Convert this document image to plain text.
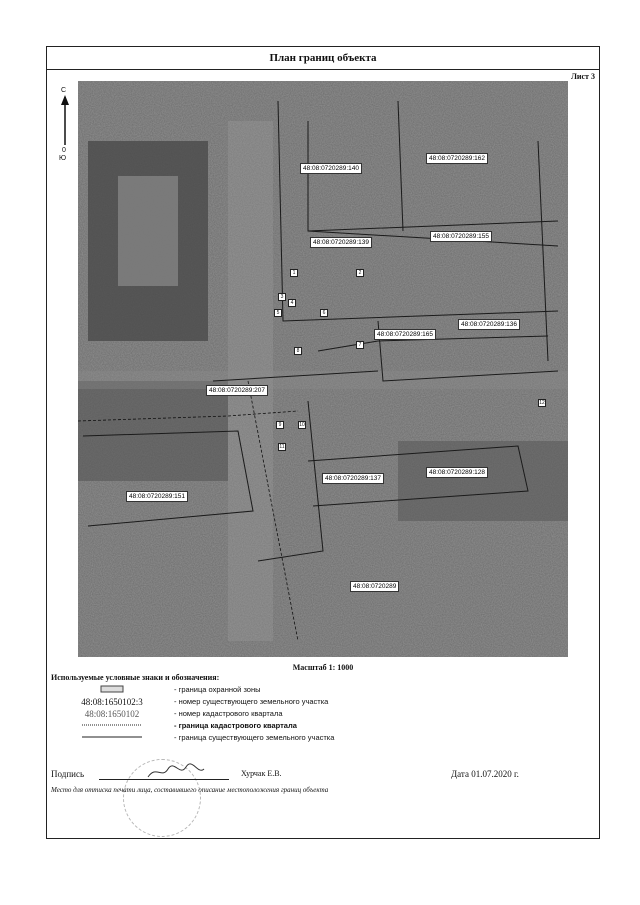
План границ объекта
Лист 3
С
0
Ю
48:08:0720289:140
48:08:0720289:162
48:08:0720289:139
48:08:0720289:155
48:08:0720289:136
48:08:0720289:165
48:08:0720289:207
48:08:0720289:151
48:08:0720289:137
48:08:0720289:128
48:08:0720289
1	2
3
4
5	6
7
8
9	10
11
12
Масштаб 1: 1000
Используемые условные знаки и обозначения:
- граница охранной зоны
48:08:1650102:3	- номер существующего земельного участка
48:08:1650102	- номер кадастрового квартала
- граница кадастрового квартала
- граница существующего земельного участка
Подпись	Хурчак Е.В.	Дата 01.07.2020 г.
Место для оттиска печати лица, составившего описание местоположения границ объекта
